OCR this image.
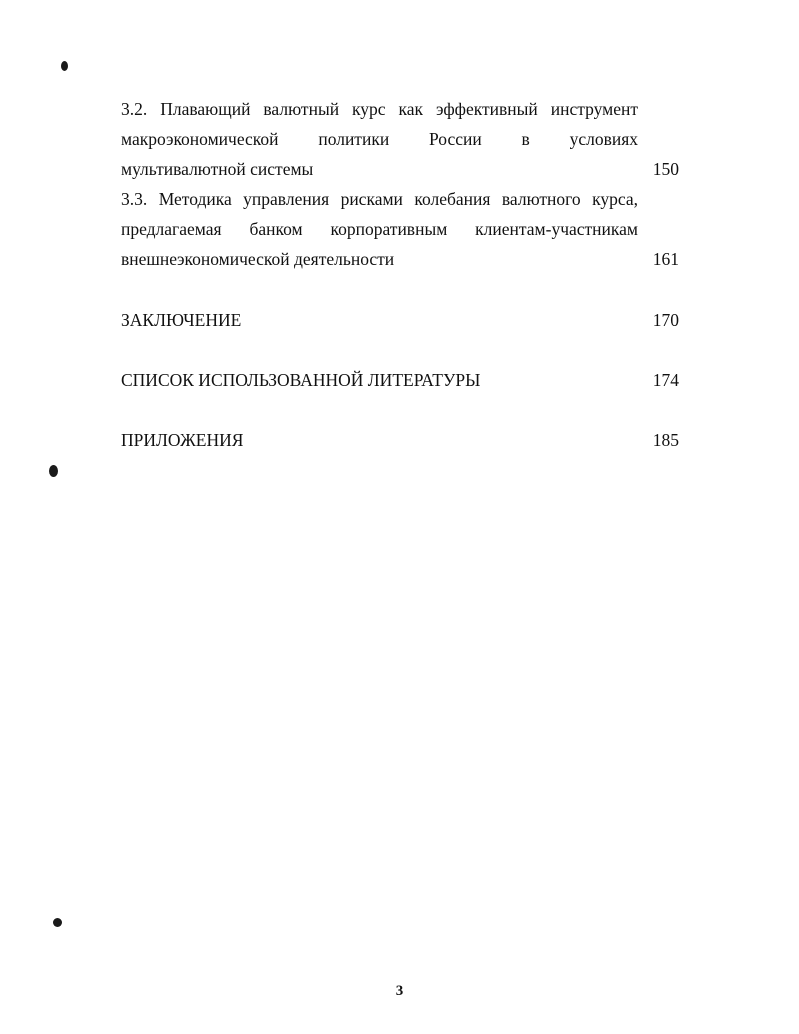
3.2. Плавающий валютный курс как эффективный инструмент
макроэкономической политики России в условиях
мультивалютной системы	150
3.3. Методика управления рисками колебания валютного курса,
предлагаемая банком корпоративным клиентам-участникам
внешнеэкономической деятельности	161
ЗАКЛЮЧЕНИЕ	170
СПИСОК ИСПОЛЬЗОВАННОЙ ЛИТЕРАТУРЫ	174
ПРИЛОЖЕНИЯ	185
3
